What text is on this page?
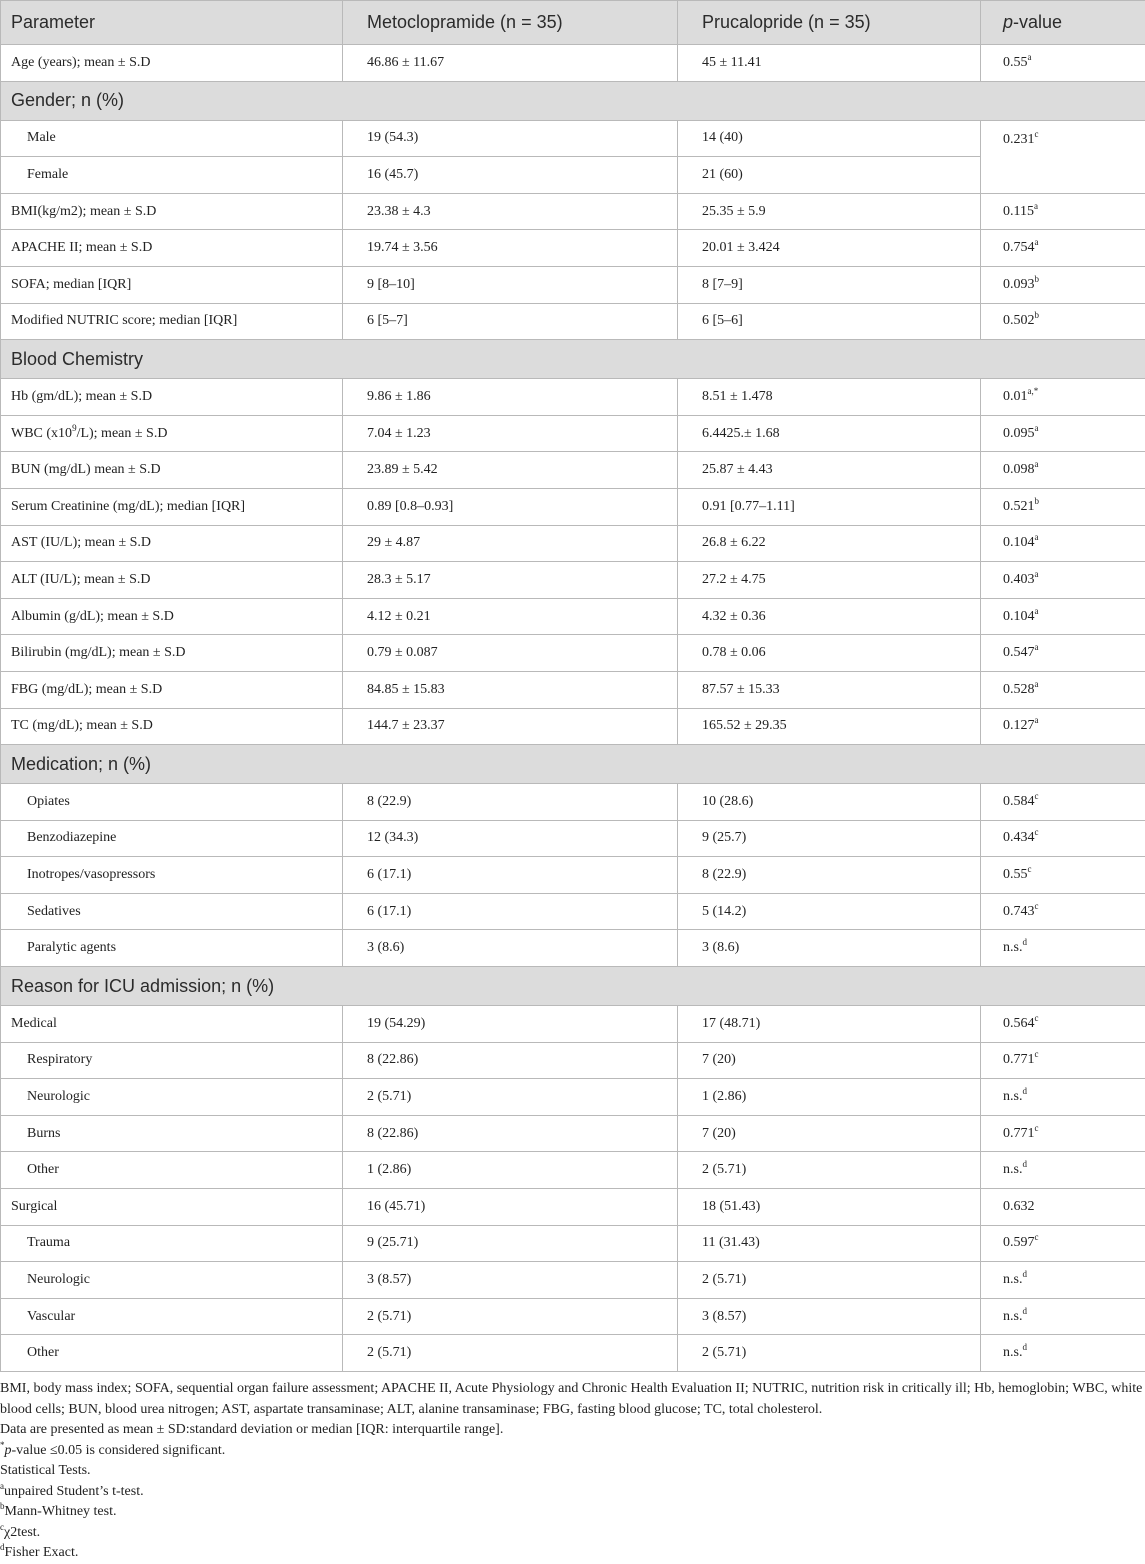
Parameter	Metoclopramide (n = 35)	Prucalopride (n = 35)	p-value
Age (years); mean ± S.D	46.86 ± 11.67	45 ± 11.41	0.55$^a$
Gender; n (%)			
Male	19 (54.3)	14 (40)	0.231$^c$
Female	16 (45.7)	21 (60)	
BMI(kg/m2); mean ± S.D	23.38 ± 4.3	25.35 ± 5.9	0.115$^a$
APACHE II; mean ± S.D	19.74 ± 3.56	20.01 ± 3.424	0.754$^a$
SOFA; median [IQR]	9 [8–10]	8 [7–9]	0.093$^b$
Modified NUTRIC score; median [IQR]	6 [5–7]	6 [5–6]	0.502$^b$
Blood Chemistry			
Hb (gm/dL); mean ± S.D	9.86 ± 1.86	8.51 ± 1.478	$0.01^{a,*}$
WBC $(x10^9/L)$; mean ± S.D	7.04 ± 1.23	6.4425.± 1.68	0.095$^a$
BUN (mg/dL) mean ± S.D	23.89 ± 5.42	25.87 ± 4.43	0.098$^a$
Serum Creatinine (mg/dL); median [IQR]	0.89 [0.8–0.93]	0.91 [0.77–1.11]	0.521$^b$
AST (IU/L); mean ± S.D	29 ± 4.87	26.8 ± 6.22	0.104$^a$
ALT (IU/L); mean ± S.D	28.3 ± 5.17	27.2 ± 4.75	0.403$^a$
Albumin (g/dL); mean ± S.D	4.12 ± 0.21	4.32 ± 0.36	0.104$^a$
Bilirubin (mg/dL); mean ± S.D	0.79 ± 0.087	0.78 ± 0.06	0.547$^a$
FBG (mg/dL); mean ± S.D	84.85 ± 15.83	87.57 ± 15.33	0.528$^a$
TC (mg/dL); mean ± S.D	144.7 ± 23.37	165.52 ± 29.35	0.127$^a$
Medication; n (%)			
Opiates	8 (22.9)	10 (28.6)	0.584$^c$
Benzodiazepine	12 (34.3)	9 (25.7)	0.434$^c$
Inotropes/vasopressors	6 (17.1)	8 (22.9)	0.55$^c$
Sedatives	6 (17.1)	5 (14.2)	0.743$^c$
Paralytic agents	3 (8.6)	3 (8.6)	n.s.$^d$
Reason for ICU admission; n (%)			
Medical	19 (54.29)	17 (48.71)	0.564$^c$
Respiratory	8 (22.86)	7 (20)	0.771$^c$
Neurologic	2 (5.71)	1 (2.86)	n.s.$^d$
Burns	8 (22.86)	7 (20)	0.771$^c$
Other	1 (2.86)	2 (5.71)	n.s.$^d$
Surgical	16 (45.71)	18 (51.43)	0.632
Trauma	9 (25.71)	11 (31.43)	0.597$^c$
Neurologic	3 (8.57)	2 (5.71)	n.s.$^d$
Vascular	2 (5.71)	3 (8.57)	n.s.$^d$
Other	2 (5.71)	2 (5.71)	n.s.$^d$

BMI, body mass index; SOFA, sequential organ failure assessment; APACHE II, Acute Physiology and Chronic Health Evaluation II; NUTRIC, nutrition risk in critically ill; Hb, hemoglobin; WBC, white blood cells; BUN, blood urea nitrogen; AST, aspartate transaminase; ALT, alanine transaminase; FBG, fasting blood glucose; TC, total cholesterol.

Data are presented as mean ± SD:standard deviation or median [IQR: interquartile range].

*p-value ≤0.05 is considered significant.

Statistical Tests.

$^a$unpaired Student’s t-test.

$^b$Mann-Whitney test.

$^c$χ2test.

$^d$Fisher Exact.
